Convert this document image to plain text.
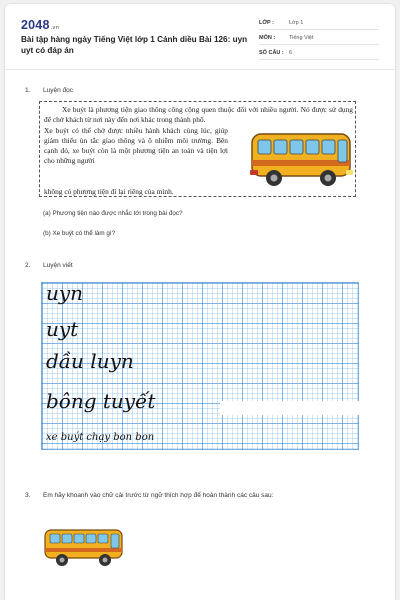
2048.vn
Bài tập hàng ngày Tiếng Việt lớp 1 Cánh diều Bài 126: uyn uyt có đáp án
LỚP :	Lớp 1
MÔN :	Tiếng Việt
SỐ CÂU : 6
1. Luyện đọc
Xe buýt là phương tiện giao thông công cộng quen thuộc đối với nhiều người. Nó được sử dụng để chở khách từ nơi này đến nơi khác trong thành phố.
Xe buýt có thể chở được nhiều hành khách cùng lúc, giúp giảm thiểu ùn tắc giao thông và ô nhiễm môi trường. Bên cạnh đó, xe buýt còn là một phương tiện an toàn và tiện lợi cho những người
không có phương tiện đi lại riêng của mình.
(a) Phương tiện nào được nhắc tới trong bài đọc?
(b) Xe buýt có thể làm gì?
2. Luyện viết
uyn
uyt
dầu luyn
bông tuyết
xe buýt chạy bon bon
3. Em hãy khoanh vào chữ cái trước từ ngữ thích hợp để hoàn thành các câu sau:
